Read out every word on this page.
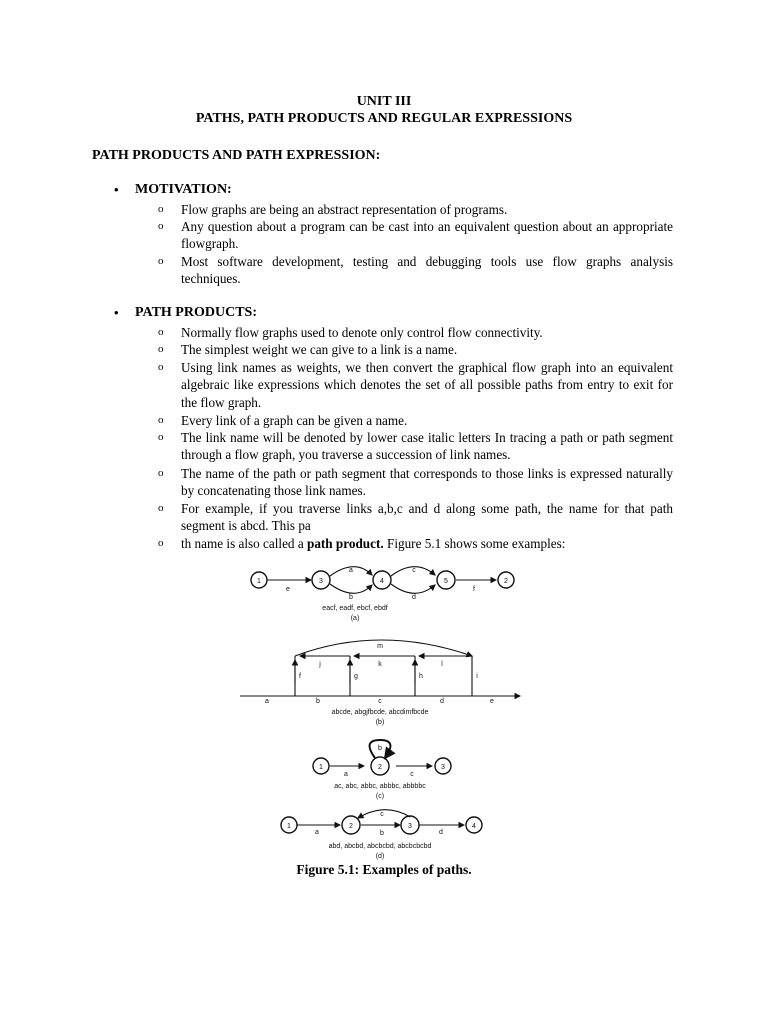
UNIT III
PATHS, PATH PRODUCTS AND REGULAR EXPRESSIONS
PATH PRODUCTS AND PATH EXPRESSION:
• MOTIVATION:
o Flow graphs are being an abstract representation of programs.
o Any question about a program can be cast into an equivalent question about an appropriate flowgraph.
o Most software development, testing and debugging tools use flow graphs analysis techniques.
• PATH PRODUCTS:
o Normally flow graphs used to denote only control flow connectivity.
o The simplest weight we can give to a link is a name.
o Using link names as weights, we then convert the graphical flow graph into an equivalent algebraic like expressions which denotes the set of all possible paths from entry to exit for the flow graph.
o Every link of a graph can be given a name.
o The link name will be denoted by lower case italic letters In tracing a path or path segment through a flow graph, you traverse a succession of link names.
o The name of the path or path segment that corresponds to those links is expressed naturally by concatenating those link names.
o For example, if you traverse links a,b,c and d along some path, the name for that path segment is abcd. This pa
o th name is also called a path product. Figure 5.1 shows some examples:
1	3	4	5	2
e
a
b
c
d
f
eacf, eadf, ebcf, ebdf
(a)
m
j	k	l
f	g	h	i
a	b	c	d	e
abcde, abgjfbcde, abcdimfbcde
(b)
1	2	3
b
a	c
ac, abc, abbc, abbbc, abbbbc
(c)
1	2	3	4
c
a	b	d
abd, abcbd, abcbcbd, abcbcbcbd
(d)
Figure 5.1: Examples of paths.
